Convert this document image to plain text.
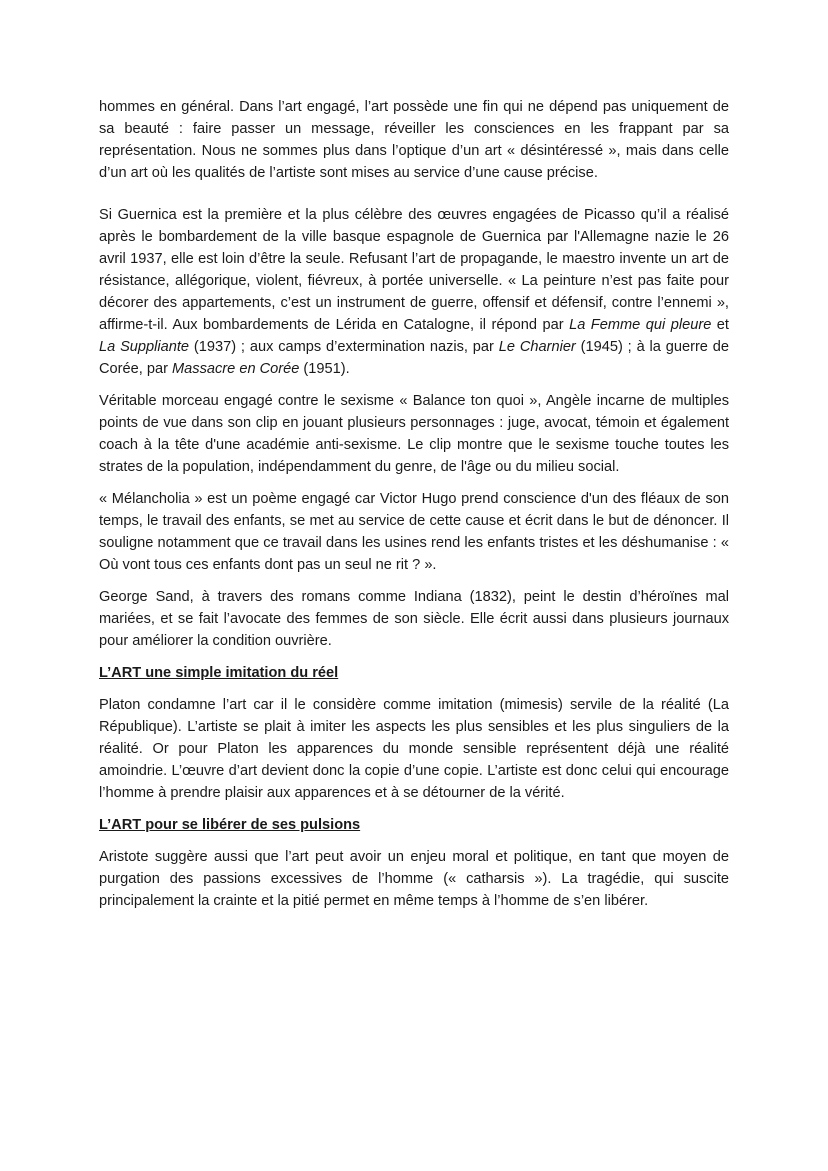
hommes en général. Dans l’art engagé, l’art possède une fin qui ne dépend pas uniquement de sa beauté : faire passer un message, réveiller les consciences en les frappant par sa représentation. Nous ne sommes plus dans l’optique d’un art « désintéressé », mais dans celle d’un art où les qualités de l’artiste sont mises au service d’une cause précise.

Si Guernica est la première et la plus célèbre des œuvres engagées de Picasso qu’il a réalisé après le bombardement de la ville basque espagnole de Guernica par l'Allemagne nazie le 26 avril 1937, elle est loin d’être la seule. Refusant l’art de propagande, le maestro invente un art de résistance, allégorique, violent, fiévreux, à portée universelle. « La peinture n’est pas faite pour décorer des appartements, c’est un instrument de guerre, offensif et défensif, contre l’ennemi », affirme-t-il. Aux bombardements de Lérida en Catalogne, il répond par La Femme qui pleure et La Suppliante (1937) ; aux camps d’extermination nazis, par Le Charnier (1945) ; à la guerre de Corée, par Massacre en Corée (1951).

Véritable morceau engagé contre le sexisme « Balance ton quoi », Angèle incarne de multiples points de vue dans son clip en jouant plusieurs personnages : juge, avocat, témoin et également coach à la tête d'une académie anti-sexisme. Le clip montre que le sexisme touche toutes les strates de la population, indépendamment du genre, de l'âge ou du milieu social.

« Mélancholia » est un poème engagé car Victor Hugo prend conscience d'un des fléaux de son temps, le travail des enfants, se met au service de cette cause et écrit dans le but de dénoncer. Il souligne notamment que ce travail dans les usines rend les enfants tristes et les déshumanise : « Où vont tous ces enfants dont pas un seul ne rit ? ».

George Sand, à travers des romans comme Indiana (1832), peint le destin d’héroïnes mal mariées, et se fait l’avocate des femmes de son siècle. Elle écrit aussi dans plusieurs journaux pour améliorer la condition ouvrière.

L’ART une simple imitation du réel

Platon condamne l’art car il le considère comme imitation (mimesis) servile de la réalité (La République). L’artiste se plait à imiter les aspects les plus sensibles et les plus singuliers de la réalité. Or pour Platon les apparences du monde sensible représentent déjà une réalité amoindrie. L’œuvre d’art devient donc la copie d’une copie. L’artiste est donc celui qui encourage l’homme à prendre plaisir aux apparences et à se détourner de la vérité.

L’ART pour se libérer de ses pulsions

Aristote suggère aussi que l’art peut avoir un enjeu moral et politique, en tant que moyen de purgation des passions excessives de l’homme (« catharsis »). La tragédie, qui suscite principalement la crainte et la pitié permet en même temps à l’homme de s’en libérer.
